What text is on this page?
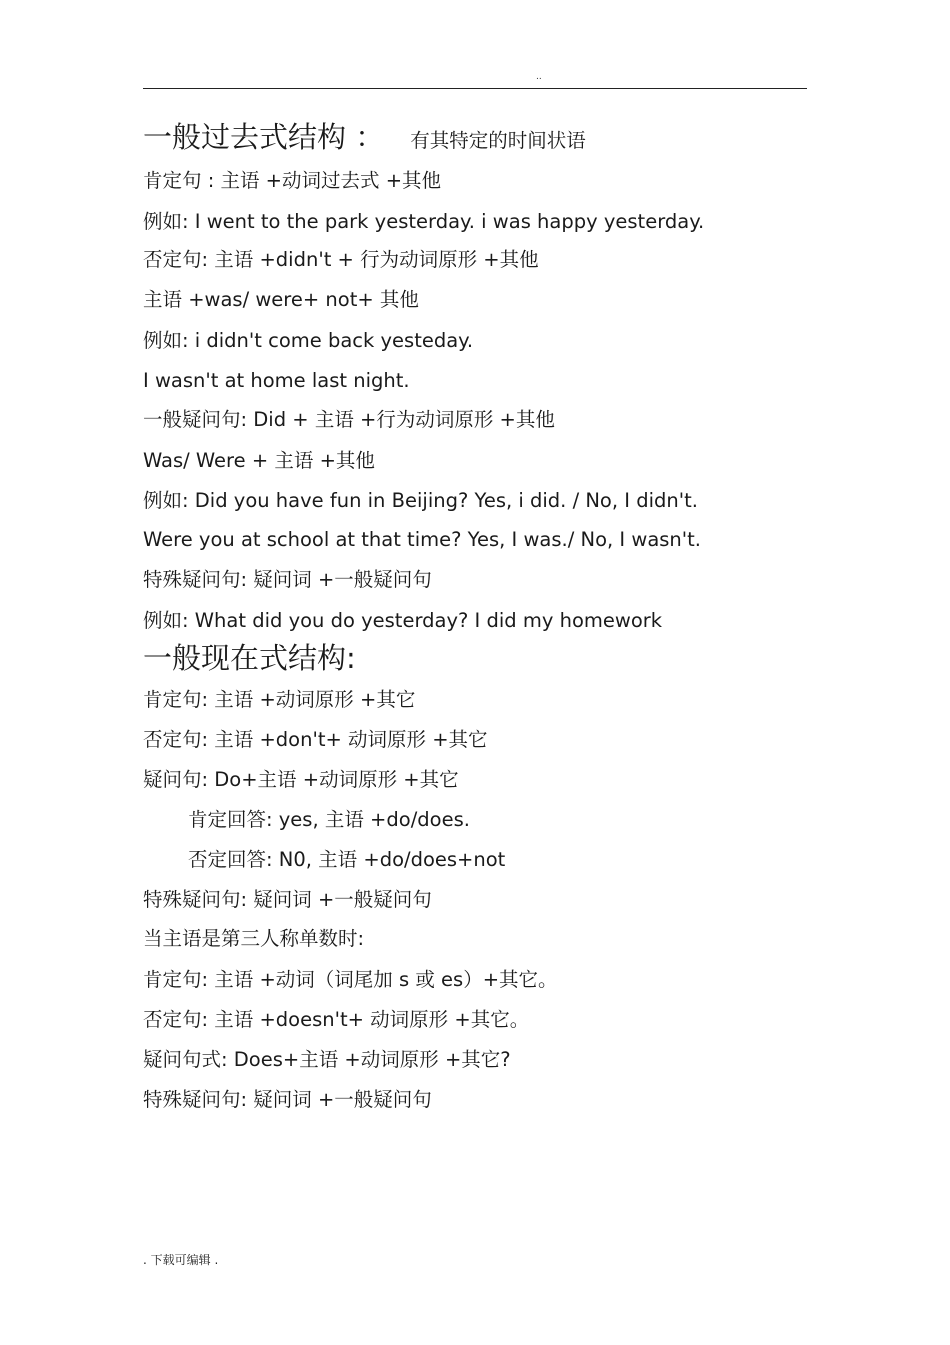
..
一般过去式结构 ： 有其特定的时间状语

肯定句 : 主语 +动词过去式 +其他

例如: I went to the park yesterday. i was happy yesterday.

否定句: 主语 +didn't + 行为动词原形 +其他

主语 +was/ were+ not+ 其他

例如: i didn't come back yesteday.

I wasn't at home last night.

一般疑问句: Did + 主语 +行为动词原形 +其他

Was/ Were + 主语 +其他

例如: Did you have fun in Beijing? Yes, i did. / No, I didn't.

Were you at school at that time? Yes, I was./ No, I wasn't.

特殊疑问句: 疑问词 +一般疑问句

例如: What did you do yesterday? I did my homework

一般现在式结构:

肯定句: 主语 +动词原形 +其它

否定句: 主语 +don't+ 动词原形 +其它

疑问句: Do+主语 +动词原形 +其它

肯定回答: yes, 主语 +do/does.

否定回答: N0, 主语 +do/does+not

特殊疑问句: 疑问词 +一般疑问句

当主语是第三人称单数时:

肯定句: 主语 +动词（词尾加 s 或 es）+其它。

否定句: 主语 +doesn't+ 动词原形 +其它。

疑问句式: Does+主语 +动词原形 +其它?

特殊疑问句: 疑问词 +一般疑问句

. 下载可编辑 .
